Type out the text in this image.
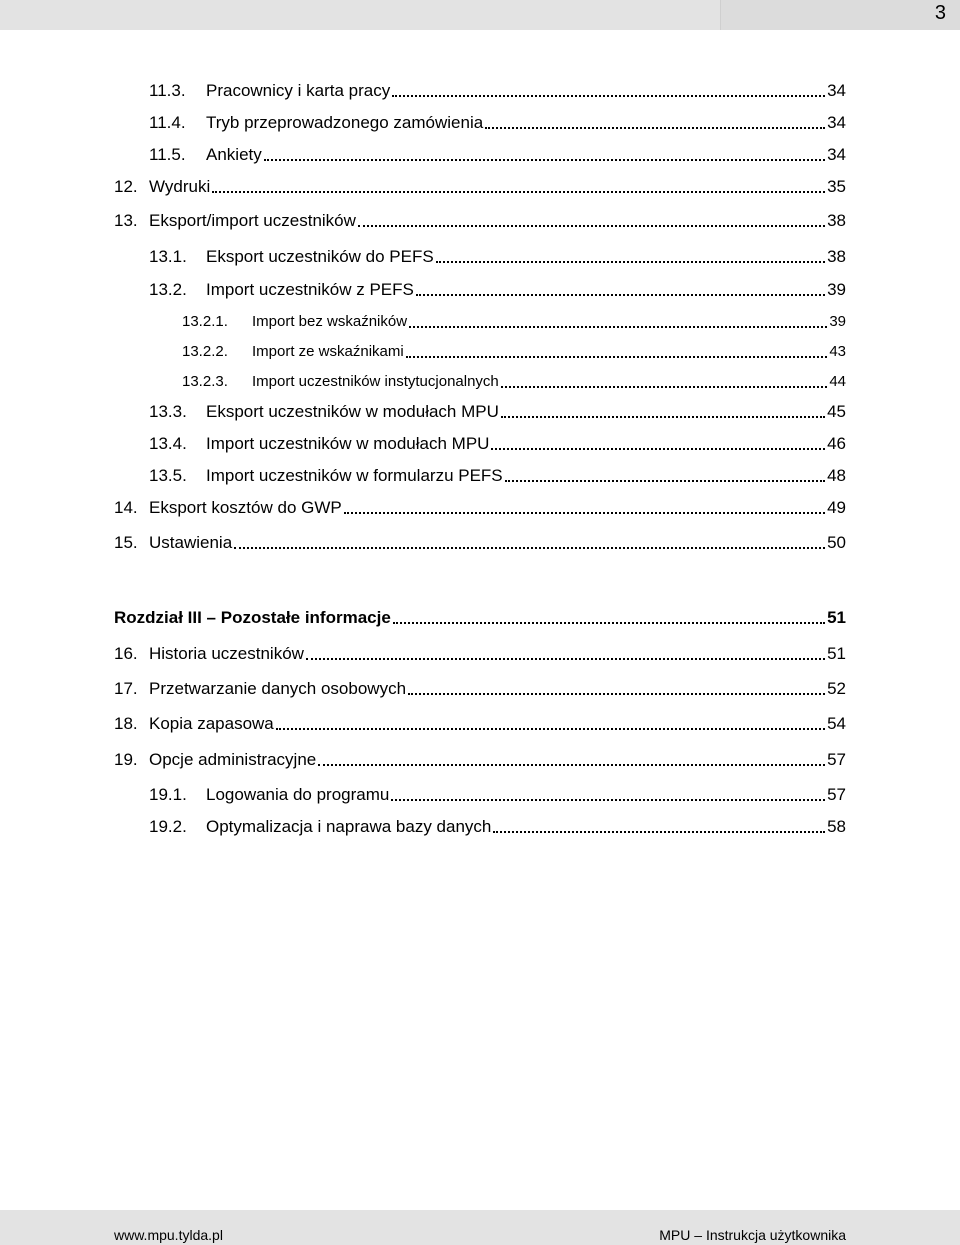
3
11.3.	Pracownicy i karta pracy	34
11.4.	Tryb przeprowadzonego zamówienia	34
11.5.	Ankiety	34
12. Wydruki	35
13. Eksport/import uczestników	38
13.1.	Eksport uczestników do PEFS	38
13.2.	Import uczestników z PEFS	39
13.2.1.	Import bez wskaźników	39
13.2.2.	Import ze wskaźnikami	43
13.2.3.	Import uczestników instytucjonalnych	44
13.3.	Eksport uczestników w modułach MPU	45
13.4.	Import uczestników w modułach MPU	46
13.5.	Import uczestników w formularzu PEFS	48
14. Eksport kosztów do GWP	49
15. Ustawienia	50
Rozdział III – Pozostałe informacje	51
16. Historia uczestników	51
17. Przetwarzanie danych osobowych	52
18. Kopia zapasowa	54
19. Opcje administracyjne	57
19.1.	Logowania do programu	57
19.2.	Optymalizacja i naprawa bazy danych	58
www.mpu.tylda.pl	MPU – Instrukcja użytkownika
